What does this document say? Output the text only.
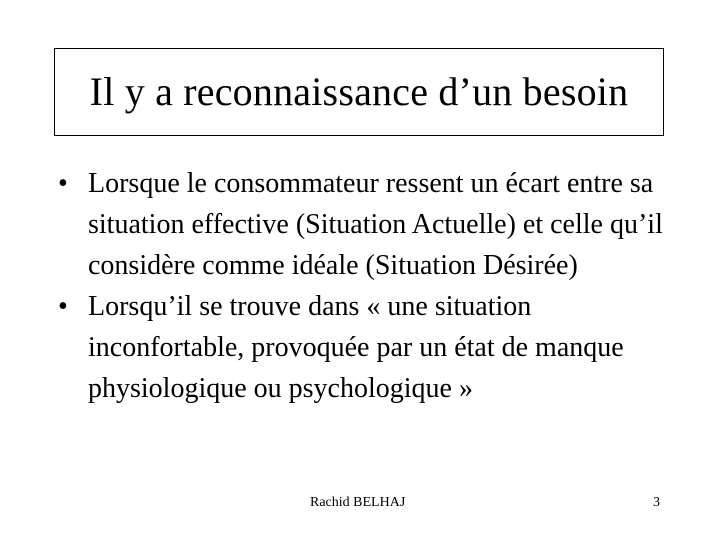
Il y a reconnaissance d’un besoin
• Lorsque le consommateur ressent un écart entre sa situation effective (Situation Actuelle) et celle qu’il considère comme idéale (Situation Désirée)
• Lorsqu’il se trouve dans « une situation inconfortable, provoquée par un état de manque physiologique ou psychologique »
Rachid BELHAJ	3
